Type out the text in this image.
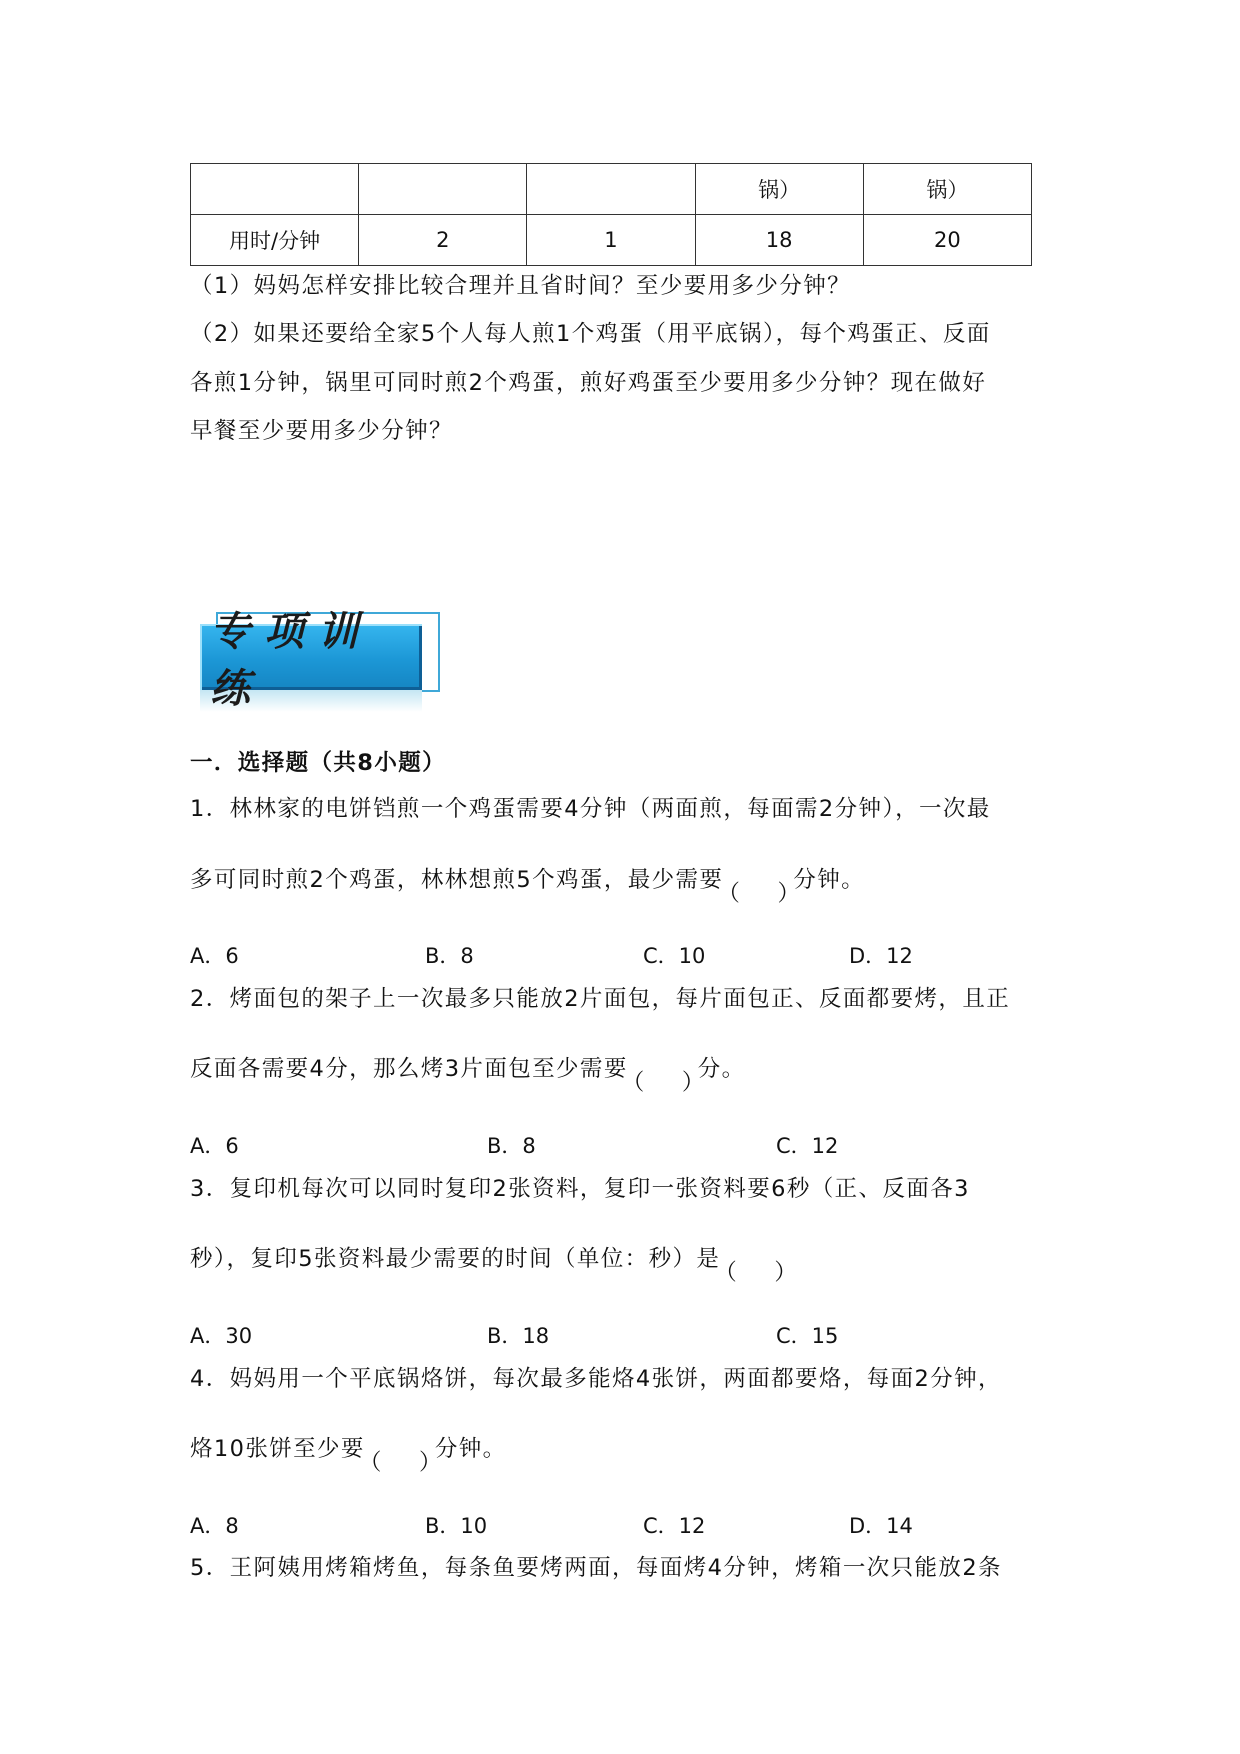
			锅）	锅）
用时/分钟	2	1	18	20
（1）妈妈怎样安排比较合理并且省时间？至少要用多少分钟？
（2）如果还要给全家5个人每人煎1个鸡蛋（用平底锅），每个鸡蛋正、反面
各煎1分钟，锅里可同时煎2个鸡蛋，煎好鸡蛋至少要用多少分钟？现在做好
早餐至少要用多少分钟？
专项训练
一．选择题（共8小题）
1．林林家的电饼铛煎一个鸡蛋需要4分钟（两面煎，每面需2分钟），一次最
多可同时煎2个鸡蛋，林林想煎5个鸡蛋，最少需要
（ ）
分钟。
A．6	B．8	C．10	D．12
2．烤面包的架子上一次最多只能放2片面包，每片面包正、反面都要烤，且正
反面各需要4分，那么烤3片面包至少需要
（ ）
分。
A．6	B．8	C．12
3．复印机每次可以同时复印2张资料，复印一张资料要6秒（正、反面各3
秒），复印5张资料最少需要的时间（单位：秒）是
（ ）
A．30	B．18	C．15
4．妈妈用一个平底锅烙饼，每次最多能烙4张饼，两面都要烙，每面2分钟，
烙10张饼至少要
（ ）
分钟。
A．8	B．10	C．12	D．14
5．王阿姨用烤箱烤鱼，每条鱼要烤两面，每面烤4分钟，烤箱一次只能放2条
